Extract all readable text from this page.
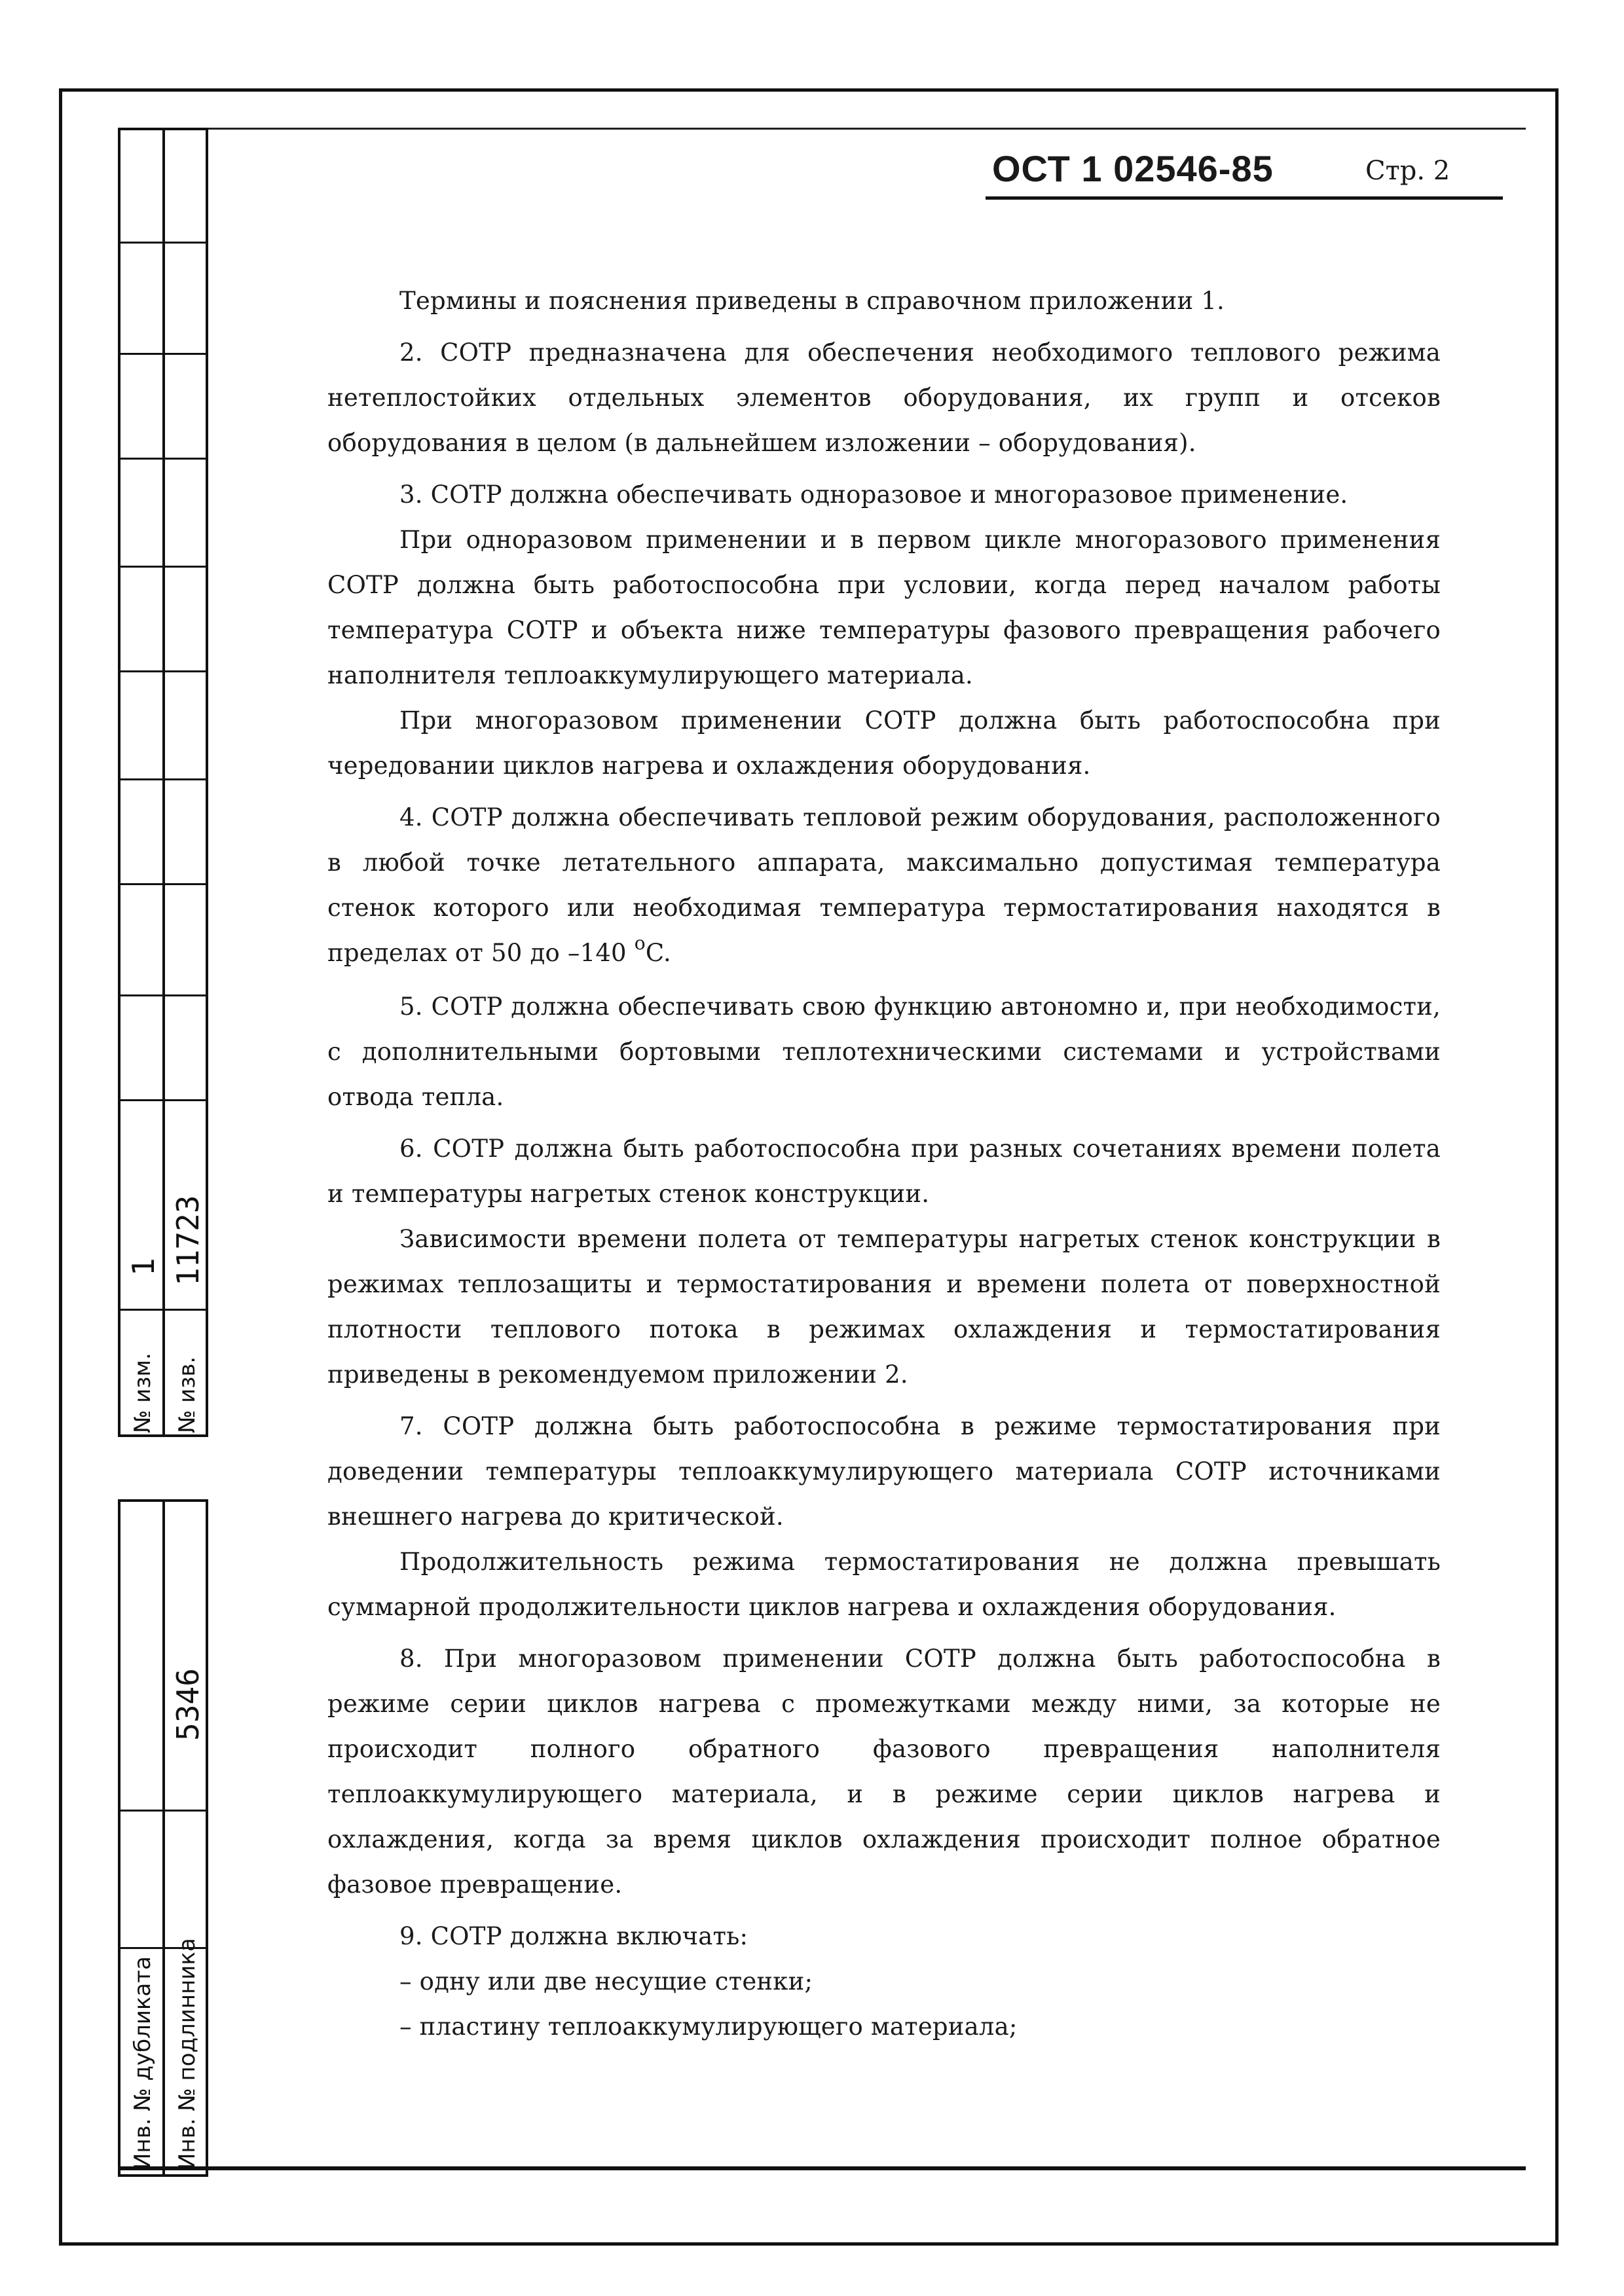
№ изм. № изв.
1 11723
5346
Инв. № дубликата Инв. № подлинника
ОСТ 1 02546-85	Стр. 2

Термины и пояснения приведены в справочном приложении 1.

2. СОТР предназначена для обеспечения необходимого теплового режима нетеплостойких отдельных элементов оборудования, их групп и отсеков оборудования в целом (в дальнейшем изложении – оборудования).

3. СОТР должна обеспечивать одноразовое и многоразовое применение.

При одноразовом применении и в первом цикле многоразового применения СОТР должна быть работоспособна при условии, когда перед началом работы температура СОТР и объекта ниже температуры фазового превращения рабочего наполнителя теплоаккумулирующего материала.

При многоразовом применении СОТР должна быть работоспособна при чередовании циклов нагрева и охлаждения оборудования.

4. СОТР должна обеспечивать тепловой режим оборудования, расположенного в любой точке летательного аппарата, максимально допустимая температура стенок которого или необходимая температура термостатирования находятся в пределах от 50 до –140 $^o$C.

5. СОТР должна обеспечивать свою функцию автономно и, при необходимости, с дополнительными бортовыми теплотехническими системами и устройствами отвода тепла.

6. СОТР должна быть работоспособна при разных сочетаниях времени полета и температуры нагретых стенок конструкции.

Зависимости времени полета от температуры нагретых стенок конструкции в режимах теплозащиты и термостатирования и времени полета от поверхностной плотности теплового потока в режимах охлаждения и термостатирования приведены в рекомендуемом приложении 2.

7. СОТР должна быть работоспособна в режиме термостатирования при доведении температуры теплоаккумулирующего материала СОТР источниками внешнего нагрева до критической.

Продолжительность режима термостатирования не должна превышать суммарной продолжительности циклов нагрева и охлаждения оборудования.

8. При многоразовом применении СОТР должна быть работоспособна в режиме серии циклов нагрева с промежутками между ними, за которые не происходит полного обратного фазового превращения наполнителя теплоаккумулирующего материала, и в режиме серии циклов нагрева и охлаждения, когда за время циклов охлаждения происходит полное обратное фазовое превращение.

9. СОТР должна включать:

– одну или две несущие стенки;

– пластину теплоаккумулирующего материала;
